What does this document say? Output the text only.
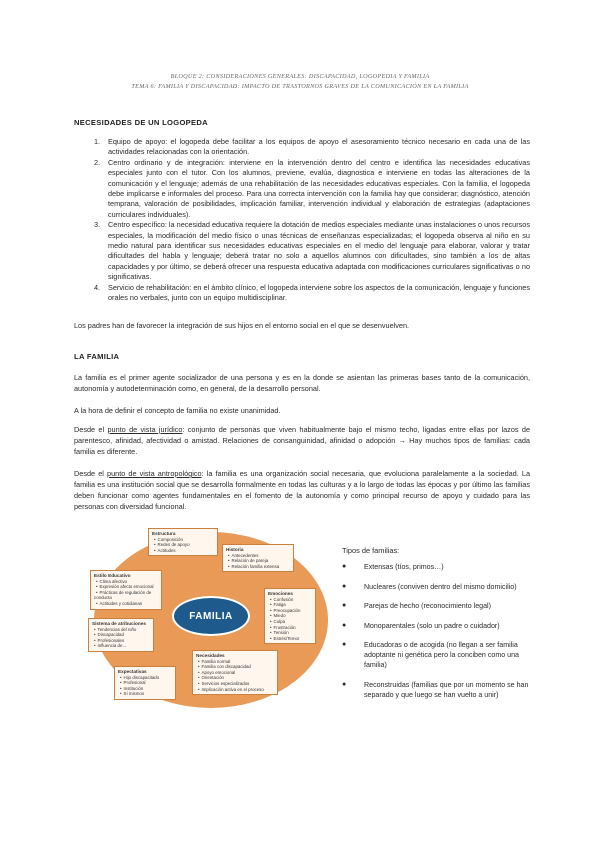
BLOQUE 2: CONSIDERACIONES GENERALES: DISCAPACIDAD, LOGOPEDIA Y FAMILIA
TEMA 6: FAMILIA Y DISCAPACIDAD: IMPACTO DE TRASTORNOS GRAVES DE LA COMUNICACIÓN EN LA FAMILIA
NECESIDADES DE UN LOGOPEDA
1. Equipo de apoyo: el logopeda debe facilitar a los equipos de apoyo el asesoramiento técnico necesario en cada una de las actividades relacionadas con la orientación.
2. Centro ordinario y de integración: interviene en la intervención dentro del centro e identifica las necesidades educativas especiales junto con el tutor. Con los alumnos, previene, evalúa, diagnostica e interviene en todas las alteraciones de la comunicación y el lenguaje; además de una rehabilitación de las necesidades educativas especiales. Con la familia, el logopeda debe implicarse e informales del proceso. Para una correcta intervención con la familia hay que considerar; diagnóstico, atención temprana, valoración de posibilidades, implicación familiar, intervención individual y elaboración de estrategias (adaptaciones curriculares individuales).
3. Centro específico: la necesidad educativa requiere la dotación de medios especiales mediante unas instalaciones o unos recursos especiales, la modificación del medio físico o unas técnicas de enseñanzas especializadas; el logopeda observa al niño en su medio natural para identificar sus necesidades educativas especiales en el medio del lenguaje para elaborar, valorar y tratar dificultades del habla y lenguaje; deberá tratar no solo a aquellos alumnos con dificultades, sino también a los de altas capacidades y por último, se deberá ofrecer una respuesta educativa adaptada con modificaciones curriculares significativas o no significativas.
4. Servicio de rehabilitación: en el ámbito clínico, el logopeda interviene sobre los aspectos de la comunicación, lenguaje y funciones orales no verbales, junto con un equipo multidisciplinar.
Los padres han de favorecer la integración de sus hijos en el entorno social en el que se desenvuelven.
LA FAMILIA
La familia es el primer agente socializador de una persona y es en la donde se asientan las primeras bases tanto de la comunicación, autonomía y autodeterminación como, en general, de la desarrollo personal.
A la hora de definir el concepto de familia no existe unanimidad.
Desde el punto de vista jurídico: conjunto de personas que viven habitualmente bajo el mismo techo, ligadas entre ellas por lazos de parentesco, afinidad, afectividad o amistad. Relaciones de consanguinidad, afinidad o adopción → Hay muchos tipos de familias: cada familia es diferente.
Desde el punto de vista antropológico: la familia es una organización social necesaria, que evoluciona paralelamente a la sociedad. La familia es una institución social que se desarrolla formalmente en todas las culturas y a lo largo de todas las épocas y por último las familias deben funcionar como agentes fundamentales en el fomento de la autonomía y como principal recurso de apoyo y cuidado para las personas con diversidad funcional.
FAMILIA
Estructura
• Composición
• Redes de apoyo
• Actitudes	Historia
• Antecedentes
• Relación de pareja
• Relación familia extensa
Estilo Educativo
• Clima afectivo
• Expresión afecto emocional
• Prácticas de regulación de conducta
• Actitudes y cotidianas
Emociones
• Confusión
• Fatiga
• Preocupación
• Miedo
• Culpa
• Frustración
• Tensión
• Estrés/Temor
Sistema de atribuciones
• Tendencias del niño
• Discapacidad
• Profesionales
• Influencia de...
Necesidades
• Familia normal
• Familia con discapacidad
• Apoyo emocional
• Orientación
• Servicios especializados
• Implicación activa en el proceso
Expectativas
• Hijo discapacitado
• Profesional
• Institución
• Sí mismos
Tipos de familias:
●	Extensas (tíos, primos…)
●	Nucleares (conviven dentro del mismo domicilio)
●	Parejas de hecho (reconocimiento legal)
●	Monoparentales (solo un padre o cuidador)
●	Educadoras o de acogida (no llegan a ser familia adoptante ni genética pero la conciben como una familia)
●	Reconstruidas (familias que por un momento se han separado y que luego se han vuelto a unir)
